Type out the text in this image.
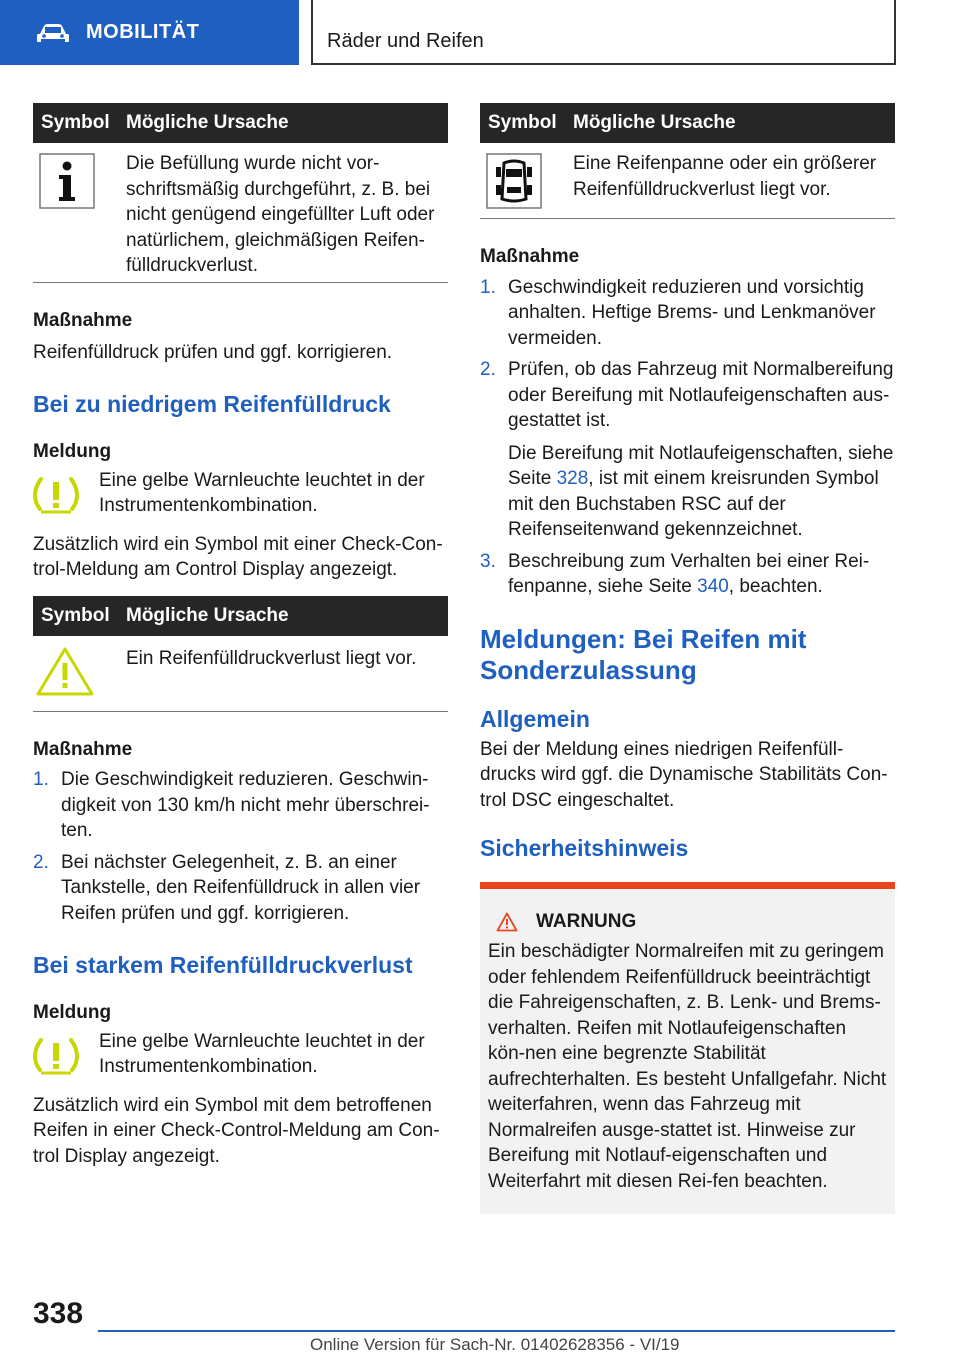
MOBILITÄT	Räder und Reifen
Symbol Mögliche Ursache
Die Befüllung wurde nicht vor-schriftsmäßig durchgeführt, z. B. bei nicht genügend eingefüllter Luft oder natürlichem, gleichmäßigen Reifen-fülldruckverlust.
Maßnahme
Reifenfülldruck prüfen und ggf. korrigieren.
Bei zu niedrigem Reifenfülldruck
Meldung
Eine gelbe Warnleuchte leuchtet in der Instrumentenkombination.
Zusätzlich wird ein Symbol mit einer Check-Con-trol-Meldung am Control Display angezeigt.
Symbol Mögliche Ursache
Ein Reifenfülldruckverlust liegt vor.
Maßnahme
1. Die Geschwindigkeit reduzieren. Geschwin-digkeit von 130 km/h nicht mehr überschrei-ten.
2. Bei nächster Gelegenheit, z. B. an einer Tankstelle, den Reifenfülldruck in allen vier Reifen prüfen und ggf. korrigieren.
Bei starkem Reifenfülldruckverlust
Meldung
Eine gelbe Warnleuchte leuchtet in der Instrumentenkombination.
Zusätzlich wird ein Symbol mit dem betroffenen Reifen in einer Check-Control-Meldung am Con-trol Display angezeigt.
Symbol Mögliche Ursache
Eine Reifenpanne oder ein größerer Reifenfülldruckverlust liegt vor.
Maßnahme
1. Geschwindigkeit reduzieren und vorsichtig anhalten. Heftige Brems- und Lenkmanöver vermeiden.
2. Prüfen, ob das Fahrzeug mit Normalbereifung oder Bereifung mit Notlaufeigenschaften aus-gestattet ist.
Die Bereifung mit Notlaufeigenschaften, siehe Seite 328, ist mit einem kreisrunden Symbol mit den Buchstaben RSC auf der Reifenseitenwand gekennzeichnet.
3. Beschreibung zum Verhalten bei einer Rei-fenpanne, siehe Seite 340, beachten.
Meldungen: Bei Reifen mit Sonderzulassung
Allgemein
Bei der Meldung eines niedrigen Reifenfüll-drucks wird ggf. die Dynamische Stabilitäts Con-trol DSC eingeschaltet.
Sicherheitshinweis
WARNUNG
Ein beschädigter Normalreifen mit zu geringem oder fehlendem Reifenfülldruck beeinträchtigt die Fahreigenschaften, z. B. Lenk- und Brems-verhalten. Reifen mit Notlaufeigenschaften kön-nen eine begrenzte Stabilität aufrechterhalten. Es besteht Unfallgefahr. Nicht weiterfahren, wenn das Fahrzeug mit Normalreifen ausge-stattet ist. Hinweise zur Bereifung mit Notlauf-eigenschaften und Weiterfahrt mit diesen Rei-fen beachten.
338
Online Version für Sach-Nr. 01402628356 - VI/19
